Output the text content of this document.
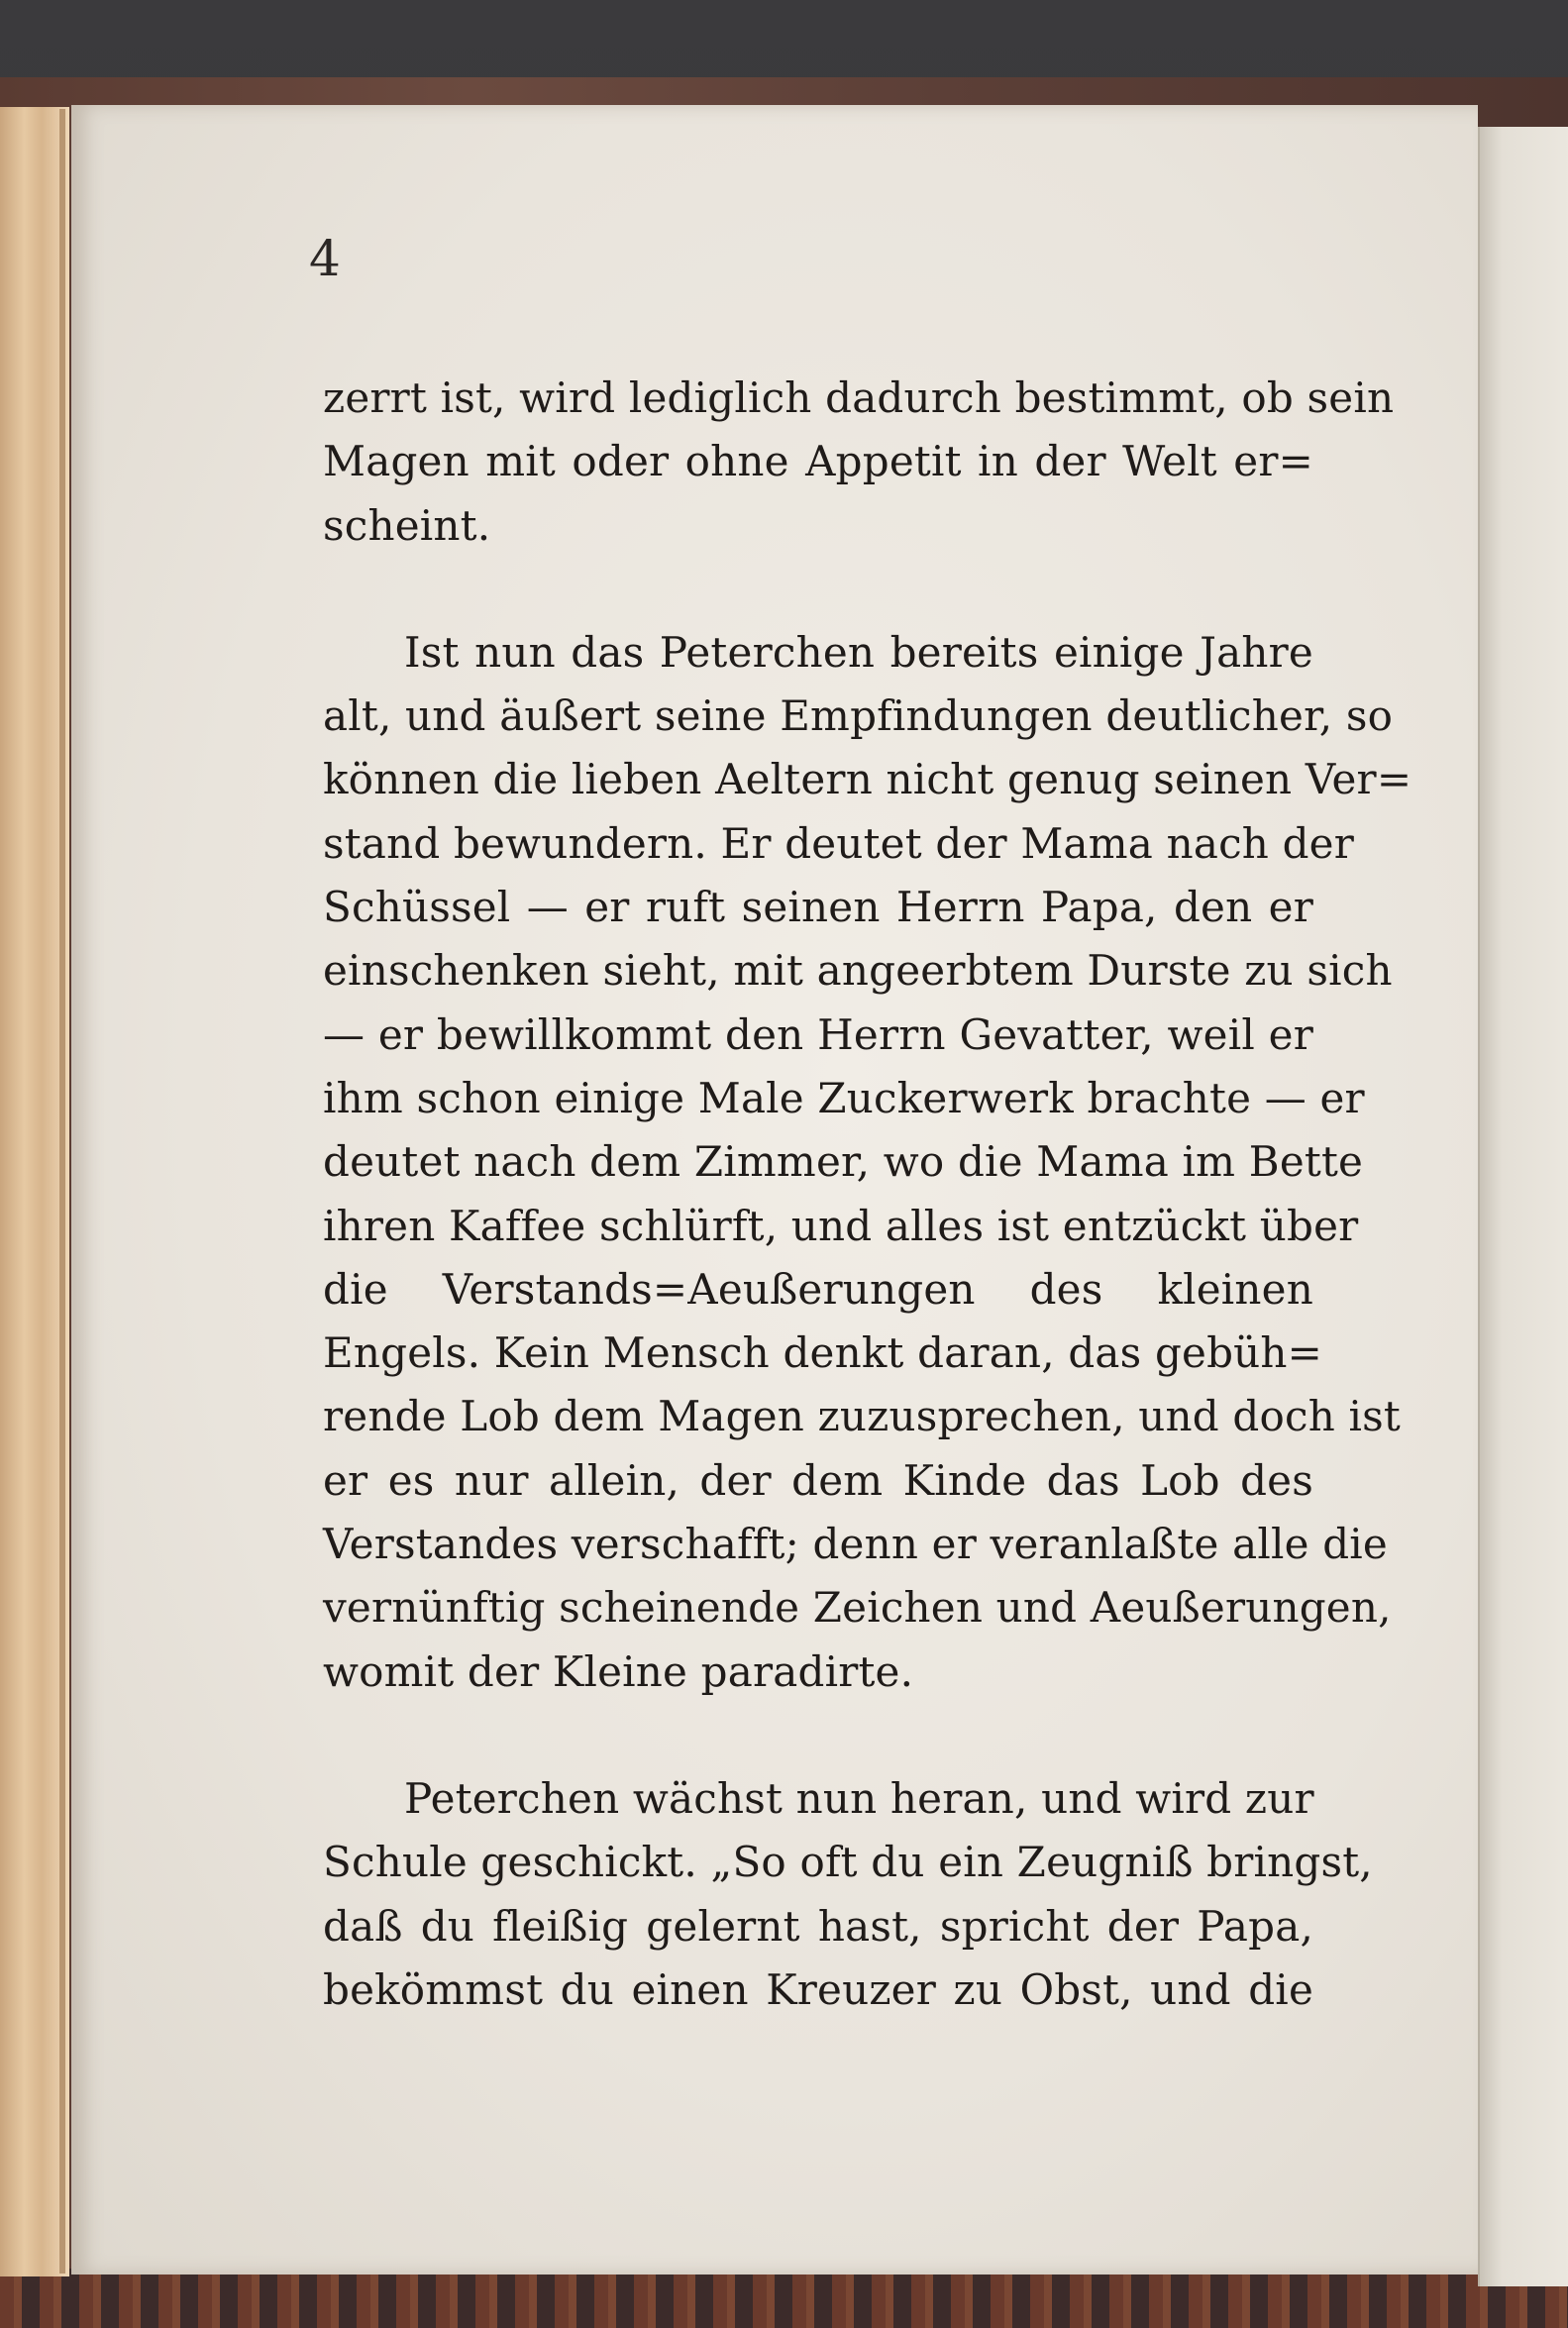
4

zerrt ist, wird lediglich dadurch bestimmt, ob sein
Magen mit oder ohne Appetit in der Welt er=
scheint.

Ist nun das Peterchen bereits einige Jahre
alt, und äußert seine Empfindungen deutlicher, so
können die lieben Aeltern nicht genug seinen Ver=
stand bewundern. Er deutet der Mama nach der
Schüssel — er ruft seinen Herrn Papa, den er
einschenken sieht, mit angeerbtem Durste zu sich
— er bewillkommt den Herrn Gevatter, weil er
ihm schon einige Male Zuckerwerk brachte — er
deutet nach dem Zimmer, wo die Mama im Bette
ihren Kaffee schlürft, und alles ist entzückt über
die Verstands=Aeußerungen des kleinen
Engels. Kein Mensch denkt daran, das gebüh=
rende Lob dem Magen zuzusprechen, und doch ist
er es nur allein, der dem Kinde das Lob des
Verstandes verschafft; denn er veranlaßte alle die
vernünftig scheinende Zeichen und Aeußerungen,
womit der Kleine paradirte.

Peterchen wächst nun heran, und wird zur
Schule geschickt. „So oft du ein Zeugniß bringst,
daß du fleißig gelernt hast, spricht der Papa,
bekömmst du einen Kreuzer zu Obst, und die
